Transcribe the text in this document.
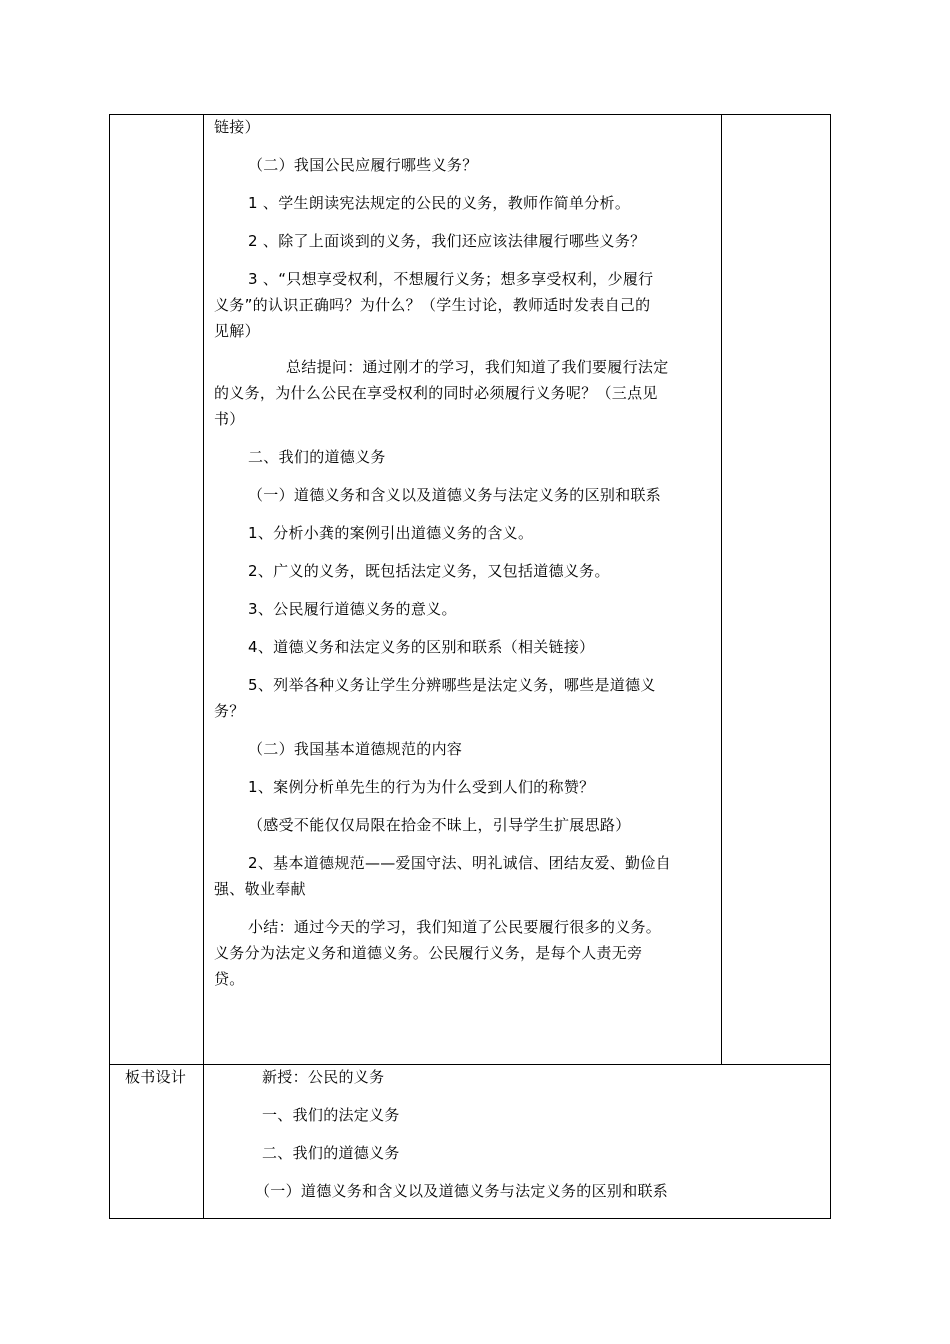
链接）
（二）我国公民应履行哪些义务？
1 、学生朗读宪法规定的公民的义务，教师作简单分析。
2 、除了上面谈到的义务，我们还应该法律履行哪些义务？
3 、“只想享受权利，不想履行义务；想多享受权利，少履行
义务”的认识正确吗？为什么？（学生讨论，教师适时发表自己的
见解）
总结提问：通过刚才的学习，我们知道了我们要履行法定
的义务，为什么公民在享受权利的同时必须履行义务呢？（三点见
书）
二、我们的道德义务
（一）道德义务和含义以及道德义务与法定义务的区别和联系
1、分析小龚的案例引出道德义务的含义。
2、广义的义务，既包括法定义务，又包括道德义务。
3、公民履行道德义务的意义。
4、道德义务和法定义务的区别和联系（相关链接）
5、列举各种义务让学生分辨哪些是法定义务，哪些是道德义
务？
（二）我国基本道德规范的内容
1、案例分析单先生的行为为什么受到人们的称赞？
（感受不能仅仅局限在拾金不昧上，引导学生扩展思路）
2、基本道德规范——爱国守法、明礼诚信、团结友爱、勤俭自
强、敬业奉献
小结：通过今天的学习，我们知道了公民要履行很多的义务。
义务分为法定义务和道德义务。公民履行义务，是每个人责无旁
贷。
板书设计	新授：公民的义务
一、我们的法定义务
二、我们的道德义务
（一）道德义务和含义以及道德义务与法定义务的区别和联系
